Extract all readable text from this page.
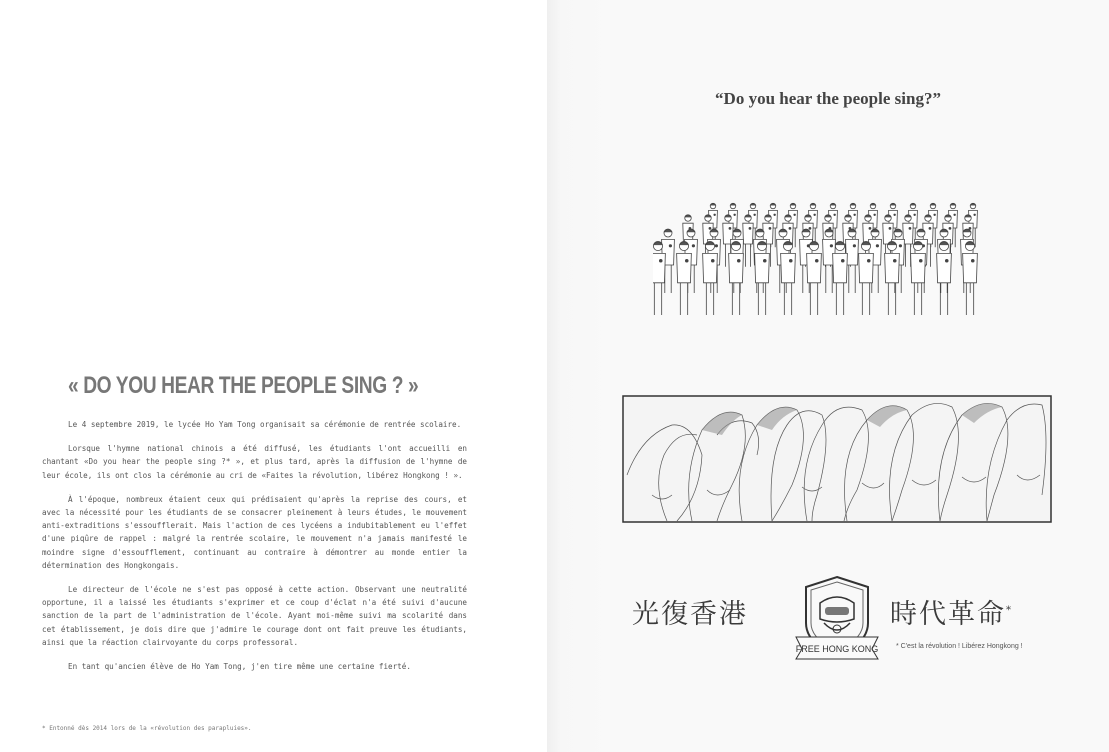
« DO YOU HEAR THE PEOPLE SING ? »

Le 4 septembre 2019, le lycée Ho Yam Tong organisait sa cérémonie de rentrée scolaire.

Lorsque l'hymne national chinois a été diffusé, les étudiants l'ont accueilli en chantant «Do you hear the people sing ?* », et plus tard, après la diffusion de l'hymne de leur école, ils ont clos la cérémonie au cri de «Faites la révolution, libérez Hongkong ! ».

À l'époque, nombreux étaient ceux qui prédisaient qu'après la reprise des cours, et avec la nécessité pour les étudiants de se consacrer pleinement à leurs études, le mouvement anti-extraditions s'essoufflerait. Mais l'action de ces lycéens a indubitablement eu l'effet d'une piqûre de rappel : malgré la rentrée scolaire, le mouvement n'a jamais manifesté le moindre signe d'essoufflement, continuant au contraire à démontrer au monde entier la détermination des Hongkongais.

Le directeur de l'école ne s'est pas opposé à cette action. Observant une neutralité opportune, il a laissé les étudiants s'exprimer et ce coup d'éclat n'a été suivi d'aucune sanction de la part de l'administration de l'école. Ayant moi-même suivi ma scolarité dans cet établissement, je dois dire que j'admire le courage dont ont fait preuve les étudiants, ainsi que la réaction clairvoyante du corps professoral.

En tant qu'ancien élève de Ho Yam Tong, j'en tire même une certaine fierté.

* Entonné dès 2014 lors de la «révolution des parapluies».

“Do you hear the people sing?”

光復香港

FREE HONG KONG

時代革命*

* C'est la révolution ! Libérez Hongkong !
